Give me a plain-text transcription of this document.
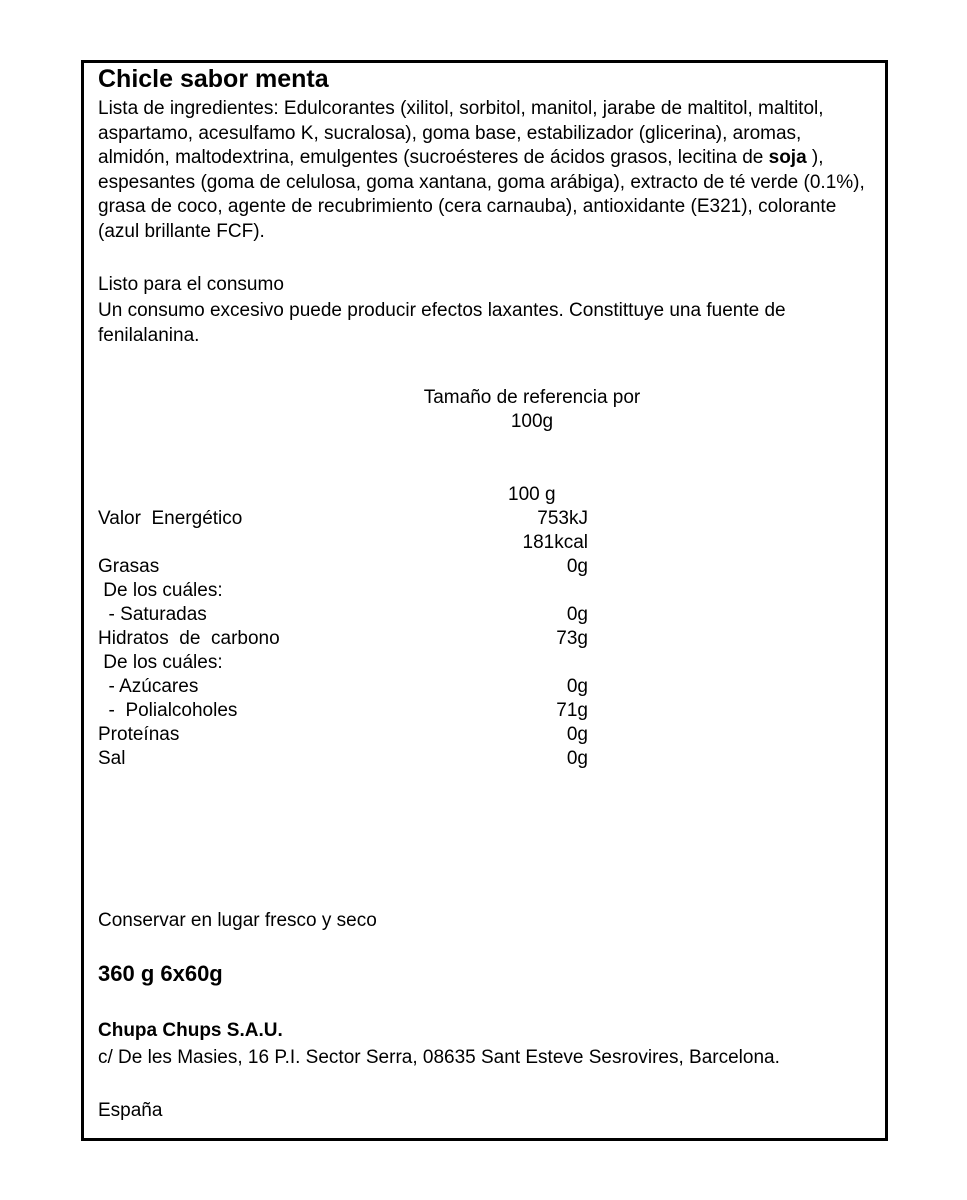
Chicle sabor menta
Lista de ingredientes: Edulcorantes (xilitol, sorbitol, manitol, jarabe de maltitol, maltitol, aspartamo, acesulfamo K, sucralosa), goma base, estabilizador (glicerina), aromas, almidón, maltodextrina, emulgentes (sucroésteres de ácidos grasos, lecitina de soja ), espesantes (goma de celulosa, goma xantana, goma arábiga), extracto de té verde (0.1%), grasa de coco, agente de recubrimiento (cera carnauba), antioxidante (E321), colorante (azul brillante FCF).
Listo para el consumo
Un consumo excesivo puede producir efectos laxantes. Constittuye una fuente de fenilalanina.
Tamaño de referencia por
100g
100 g
Valor  Energético	753kJ
181kcal
Grasas	0g
De los cuáles:
- Saturadas	0g
Hidratos  de  carbono	73g
De los cuáles:
- Azúcares	0g
-  Polialcoholes	71g
Proteínas	0g
Sal	0g
Conservar en lugar fresco y seco
360 g 6x60g
Chupa Chups S.A.U.
c/ De les Masies, 16 P.I. Sector Serra, 08635 Sant Esteve Sesrovires, Barcelona.
España
